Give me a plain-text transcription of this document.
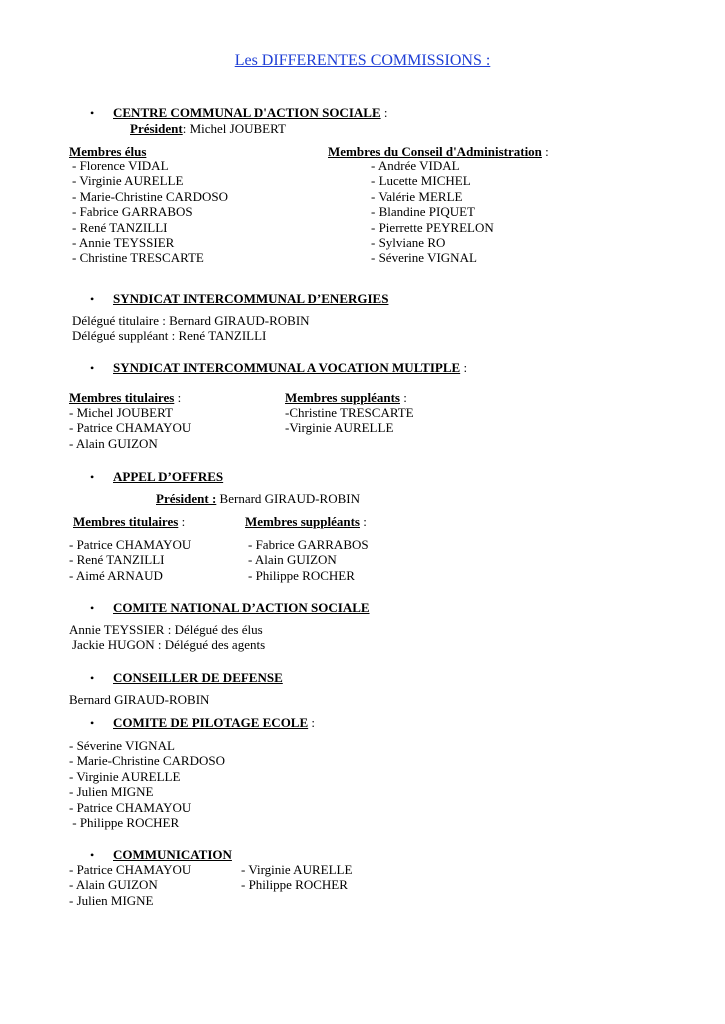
Les DIFFERENTES COMMISSIONS :
• CENTRE COMMUNAL D'ACTION SOCIALE :
Président: Michel JOUBERT
Membres élus
- Florence VIDAL
- Virginie AURELLE
- Marie-Christine CARDOSO
- Fabrice GARRABOS
- René TANZILLI
- Annie TEYSSIER
- Christine TRESCARTE
Membres du Conseil d'Administration :
- Andrée VIDAL
- Lucette MICHEL
- Valérie MERLE
- Blandine PIQUET
- Pierrette PEYRELON
- Sylviane RO
- Séverine VIGNAL
• SYNDICAT INTERCOMMUNAL D’ENERGIES
Délégué titulaire : Bernard GIRAUD-ROBIN
Délégué suppléant : René TANZILLI
• SYNDICAT INTERCOMMUNAL A VOCATION MULTIPLE :
Membres titulaires :
- Michel JOUBERT
- Patrice CHAMAYOU
- Alain GUIZON
Membres suppléants :
-Christine TRESCARTE
-Virginie AURELLE
• APPEL D’OFFRES
Président : Bernard GIRAUD-ROBIN
Membres titulaires :
- Patrice CHAMAYOU
- René TANZILLI
- Aimé ARNAUD
Membres suppléants :
- Fabrice GARRABOS
- Alain GUIZON
- Philippe ROCHER
• COMITE NATIONAL D’ACTION SOCIALE
Annie TEYSSIER : Délégué des élus
Jackie HUGON : Délégué des agents
• CONSEILLER DE DEFENSE
Bernard GIRAUD-ROBIN
• COMITE DE PILOTAGE ECOLE :
- Séverine VIGNAL
- Marie-Christine CARDOSO
- Virginie AURELLE
- Julien MIGNE
- Patrice CHAMAYOU
- Philippe ROCHER
• COMMUNICATION
- Patrice CHAMAYOU
- Alain GUIZON
- Julien MIGNE
- Virginie AURELLE
- Philippe ROCHER
